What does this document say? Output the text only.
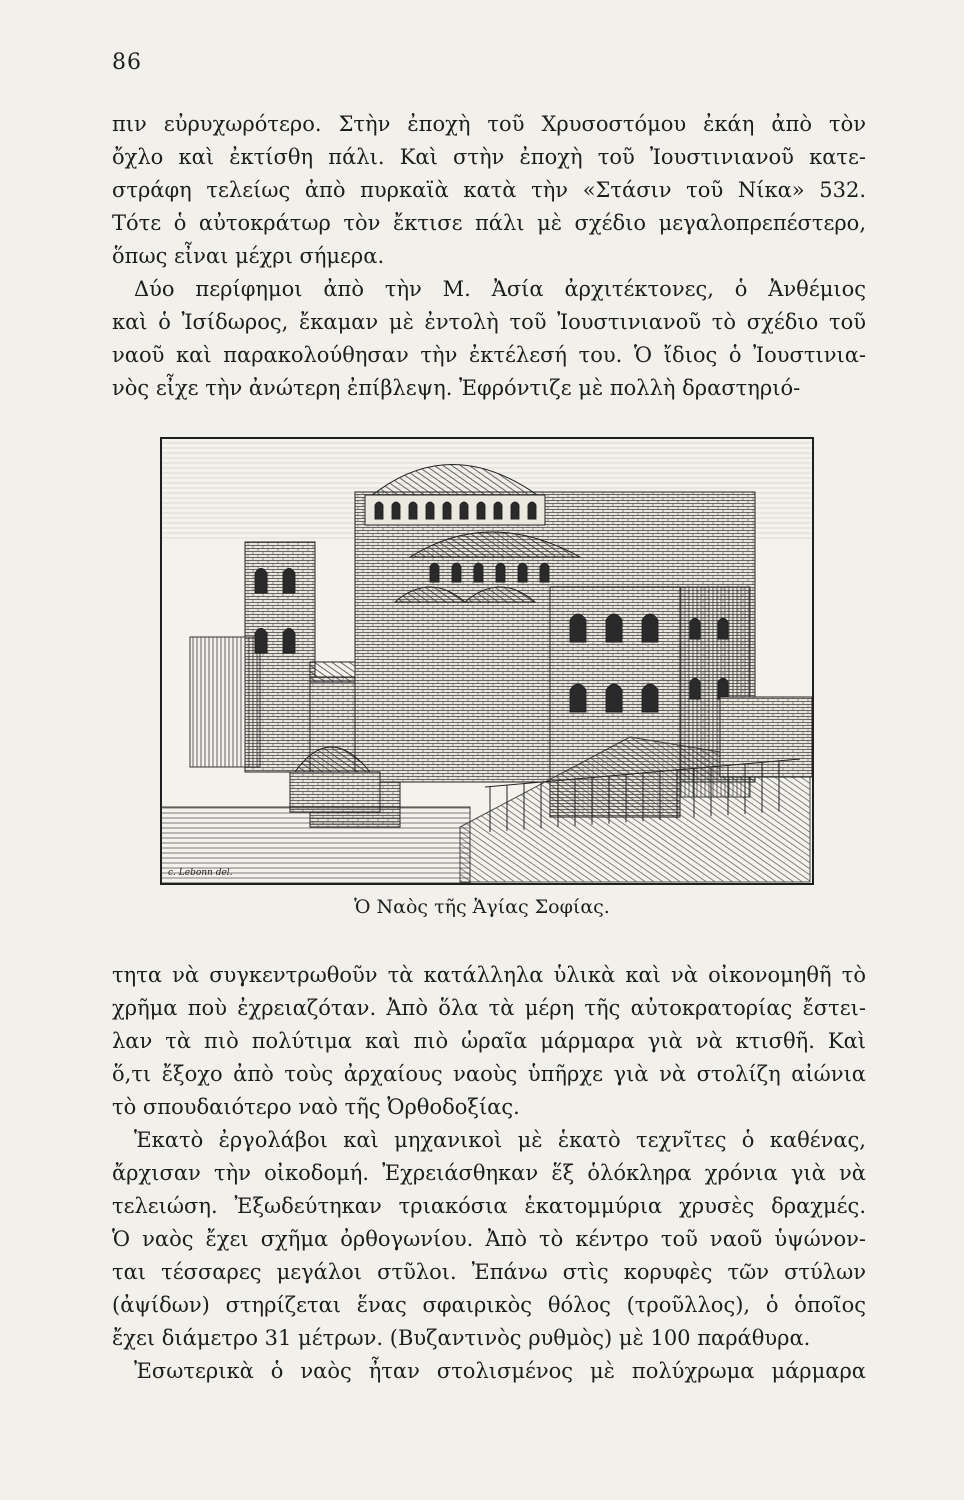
86
πιν εὐρυχωρότερο. Στὴν ἐποχὴ τοῦ Χρυσοστόμου ἐκάη ἀπὸ τὸν
ὄχλο καὶ ἐκτίσθη πάλι. Καὶ στὴν ἐποχὴ τοῦ Ἰουστινιανοῦ κατε-
στράφη τελείως ἀπὸ πυρκαϊὰ κατὰ τὴν «Στάσιν τοῦ Νίκα» 532.
Τότε ὁ αὐτοκράτωρ τὸν ἔκτισε πάλι μὲ σχέδιο μεγαλοπρεπέστερο,
ὅπως εἶναι μέχρι σήμερα.
Δύο περίφημοι ἀπὸ τὴν Μ. Ἀσία ἀρχιτέκτονες, ὁ Ἀνθέμιος
καὶ ὁ Ἰσίδωρος, ἔκαμαν μὲ ἐντολὴ τοῦ Ἰουστινιανοῦ τὸ σχέδιο τοῦ
ναοῦ καὶ παρακολούθησαν τὴν ἐκτέλεσή του. Ὁ ἴδιος ὁ Ἰουστινια-
νὸς εἶχε τὴν ἀνώτερη ἐπίβλεψη. Ἐφρόντιζε μὲ πολλὴ δραστηριό-
c. Lebonn del.
Ὁ Ναὸς τῆς Ἁγίας Σοφίας.
τητα νὰ συγκεντρωθοῦν τὰ κατάλληλα ὑλικὰ καὶ νὰ οἰκονομηθῆ τὸ
χρῆμα ποὺ ἐχρειαζόταν. Ἀπὸ ὅλα τὰ μέρη τῆς αὐτοκρατορίας ἔστει-
λαν τὰ πιὸ πολύτιμα καὶ πιὸ ὡραῖα μάρμαρα γιὰ νὰ κτισθῆ. Καὶ
ὅ,τι ἔξοχο ἀπὸ τοὺς ἀρχαίους ναοὺς ὑπῆρχε γιὰ νὰ στολίζη αἰώνια
τὸ σπουδαιότερο ναὸ τῆς Ὀρθοδοξίας.
Ἑκατὸ ἐργολάβοι καὶ μηχανικοὶ μὲ ἑκατὸ τεχνῖτες ὁ καθένας,
ἄρχισαν τὴν οἰκοδομή. Ἐχρειάσθηκαν ἕξ ὁλόκληρα χρόνια γιὰ νὰ
τελειώση. Ἐξωδεύτηκαν τριακόσια ἑκατομμύρια χρυσὲς δραχμές.
Ὁ ναὸς ἔχει σχῆμα ὀρθογωνίου. Ἀπὸ τὸ κέντρο τοῦ ναοῦ ὑψώνον-
ται τέσσαρες μεγάλοι στῦλοι. Ἐπάνω στὶς κορυφὲς τῶν στύλων
(ἀψίδων) στηρίζεται ἕνας σφαιρικὸς θόλος (τροῦλλος), ὁ ὁποῖος
ἔχει διάμετρο 31 μέτρων. (Βυζαντινὸς ρυθμὸς) μὲ 100 παράθυρα.
Ἐσωτερικὰ ὁ ναὸς ἦταν στολισμένος μὲ πολύχρωμα μάρμαρα
